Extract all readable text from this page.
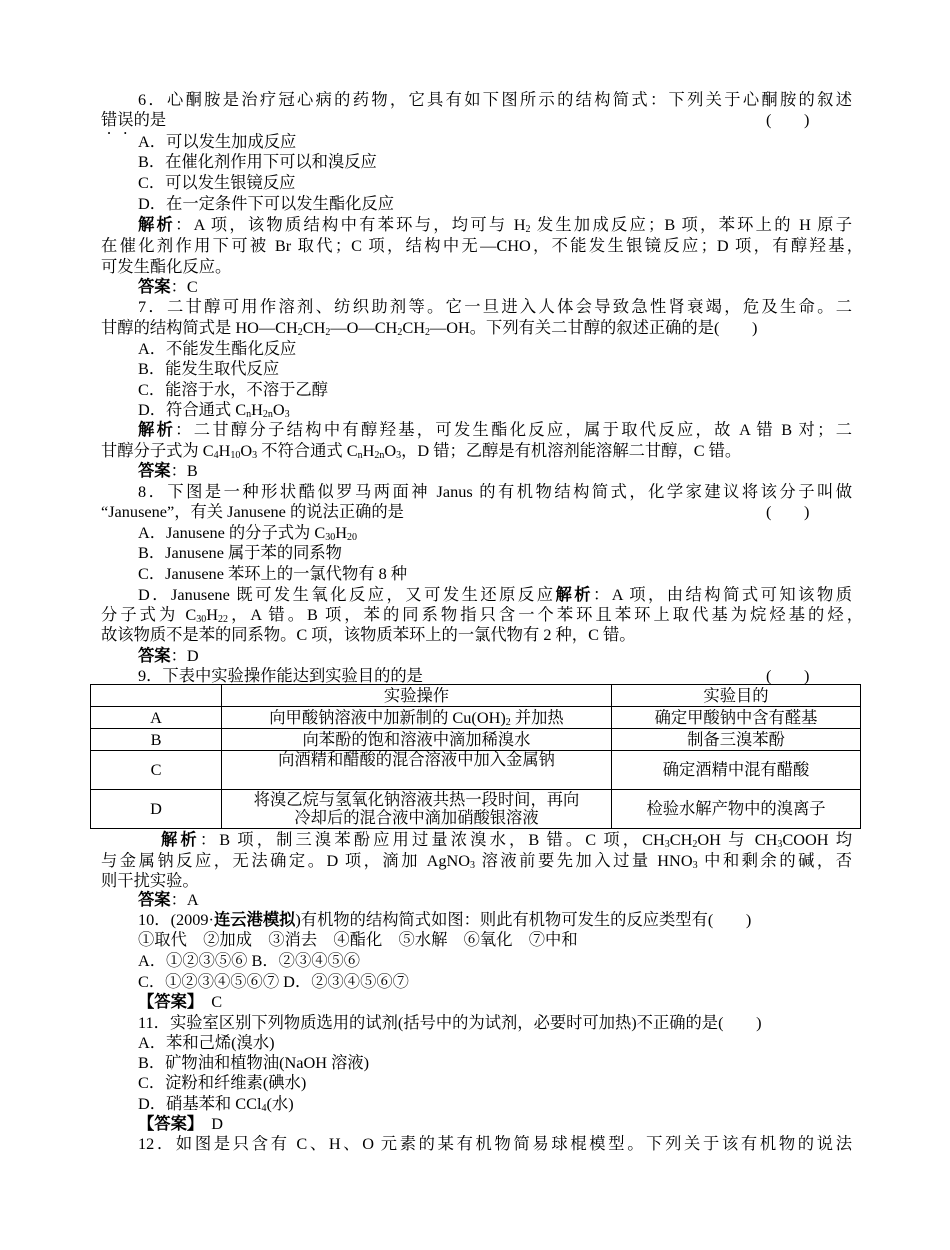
6．心酮胺是治疗冠心病的药物，它具有如下图所示的结构简式：下列关于心酮胺的叙述
错误的是	(　　)
A．可以发生加成反应
B．在催化剂作用下可以和溴反应
C．可以发生银镜反应
D．在一定条件下可以发生酯化反应
解析：A 项，该物质结构中有苯环与，均可与 $H_2$ 发生加成反应；B 项，苯环上的 H 原子
在催化剂作用下可被 Br 取代；C 项，结构中无—CHO，不能发生银镜反应；D 项，有醇羟基，
可发生酯化反应。
答案：C
7．二甘醇可用作溶剂、纺织助剂等。它一旦进入人体会导致急性肾衰竭，危及生命。二
甘醇的结构简式是 $HO—CH_2CH_2—O—CH_2CH_2—OH$。下列有关二甘醇的叙述正确的是(　　)
A．不能发生酯化反应
B．能发生取代反应
C．能溶于水，不溶于乙醇
D．符合通式 $C_nH_{2n}O_3$
解析：二甘醇分子结构中有醇羟基，可发生酯化反应，属于取代反应，故 A 错 B 对；二
甘醇分子式为 $C_4H_{10}O_3$ 不符合通式 $C_nH_{2n}O_3$，D 错；乙醇是有机溶剂能溶解二甘醇，C 错。
答案：B
8．下图是一种形状酷似罗马两面神 Janus 的有机物结构简式，化学家建议将该分子叫做
“Janusene”，有关 Janusene 的说法正确的是	(　　)
A．Janusene 的分子式为 $C_{30}H_{20}$
B．Janusene 属于苯的同系物
C．Janusene 苯环上的一氯代物有 8 种
D．Janusene 既可发生氧化反应，又可发生还原反应解析：A 项，由结构简式可知该物质
分子式为 $C_{30}H_{22}$，A 错。B 项，苯的同系物指只含一个苯环且苯环上取代基为烷烃基的烃，
故该物质不是苯的同系物。C 项，该物质苯环上的一氯代物有 2 种，C 错。
答案：D
9．下表中实验操作能达到实验目的的是	(　　)
	实验操作	实验目的
A	向甲酸钠溶液中加新制的 $Cu(OH)_2$ 并加热	确定甲酸钠中含有醛基
B	向苯酚的饱和溶液中滴加稀溴水	制备三溴苯酚
C	向酒精和醋酸的混合溶液中加入金属钠	确定酒精中混有醋酸
D	将溴乙烷与氢氧化钠溶液共热一段时间，再向
冷却后的混合液中滴加硝酸银溶液	检验水解产物中的溴离子
解析：B 项，制三溴苯酚应用过量浓溴水，B 错。C 项，$CH_3CH_2OH$ 与 $CH_3COOH$ 均
与金属钠反应，无法确定。D 项，滴加 AgNO$_3$ 溶液前要先加入过量 $HNO_3$ 中和剩余的碱，否
则干扰实验。
答案：A
10．(2009·连云港模拟)有机物的结构简式如图：则此有机物可发生的反应类型有(　　)
①取代　②加成　③消去　④酯化　⑤水解　⑥氧化　⑦中和
A．①②③⑤⑥ B．②③④⑤⑥
C．①②③④⑤⑥⑦ D．②③④⑤⑥⑦
【答案】　C
11．实验室区别下列物质选用的试剂(括号中的为试剂，必要时可加热)不正确的是(　　)
A．苯和己烯(溴水)
B．矿物油和植物油(NaOH 溶液)
C．淀粉和纤维素(碘水)
D．硝基苯和 CCl$_4$(水)
【答案】　D
12．如图是只含有 C、H、O 元素的某有机物简易球棍模型。下列关于该有机物的说法
